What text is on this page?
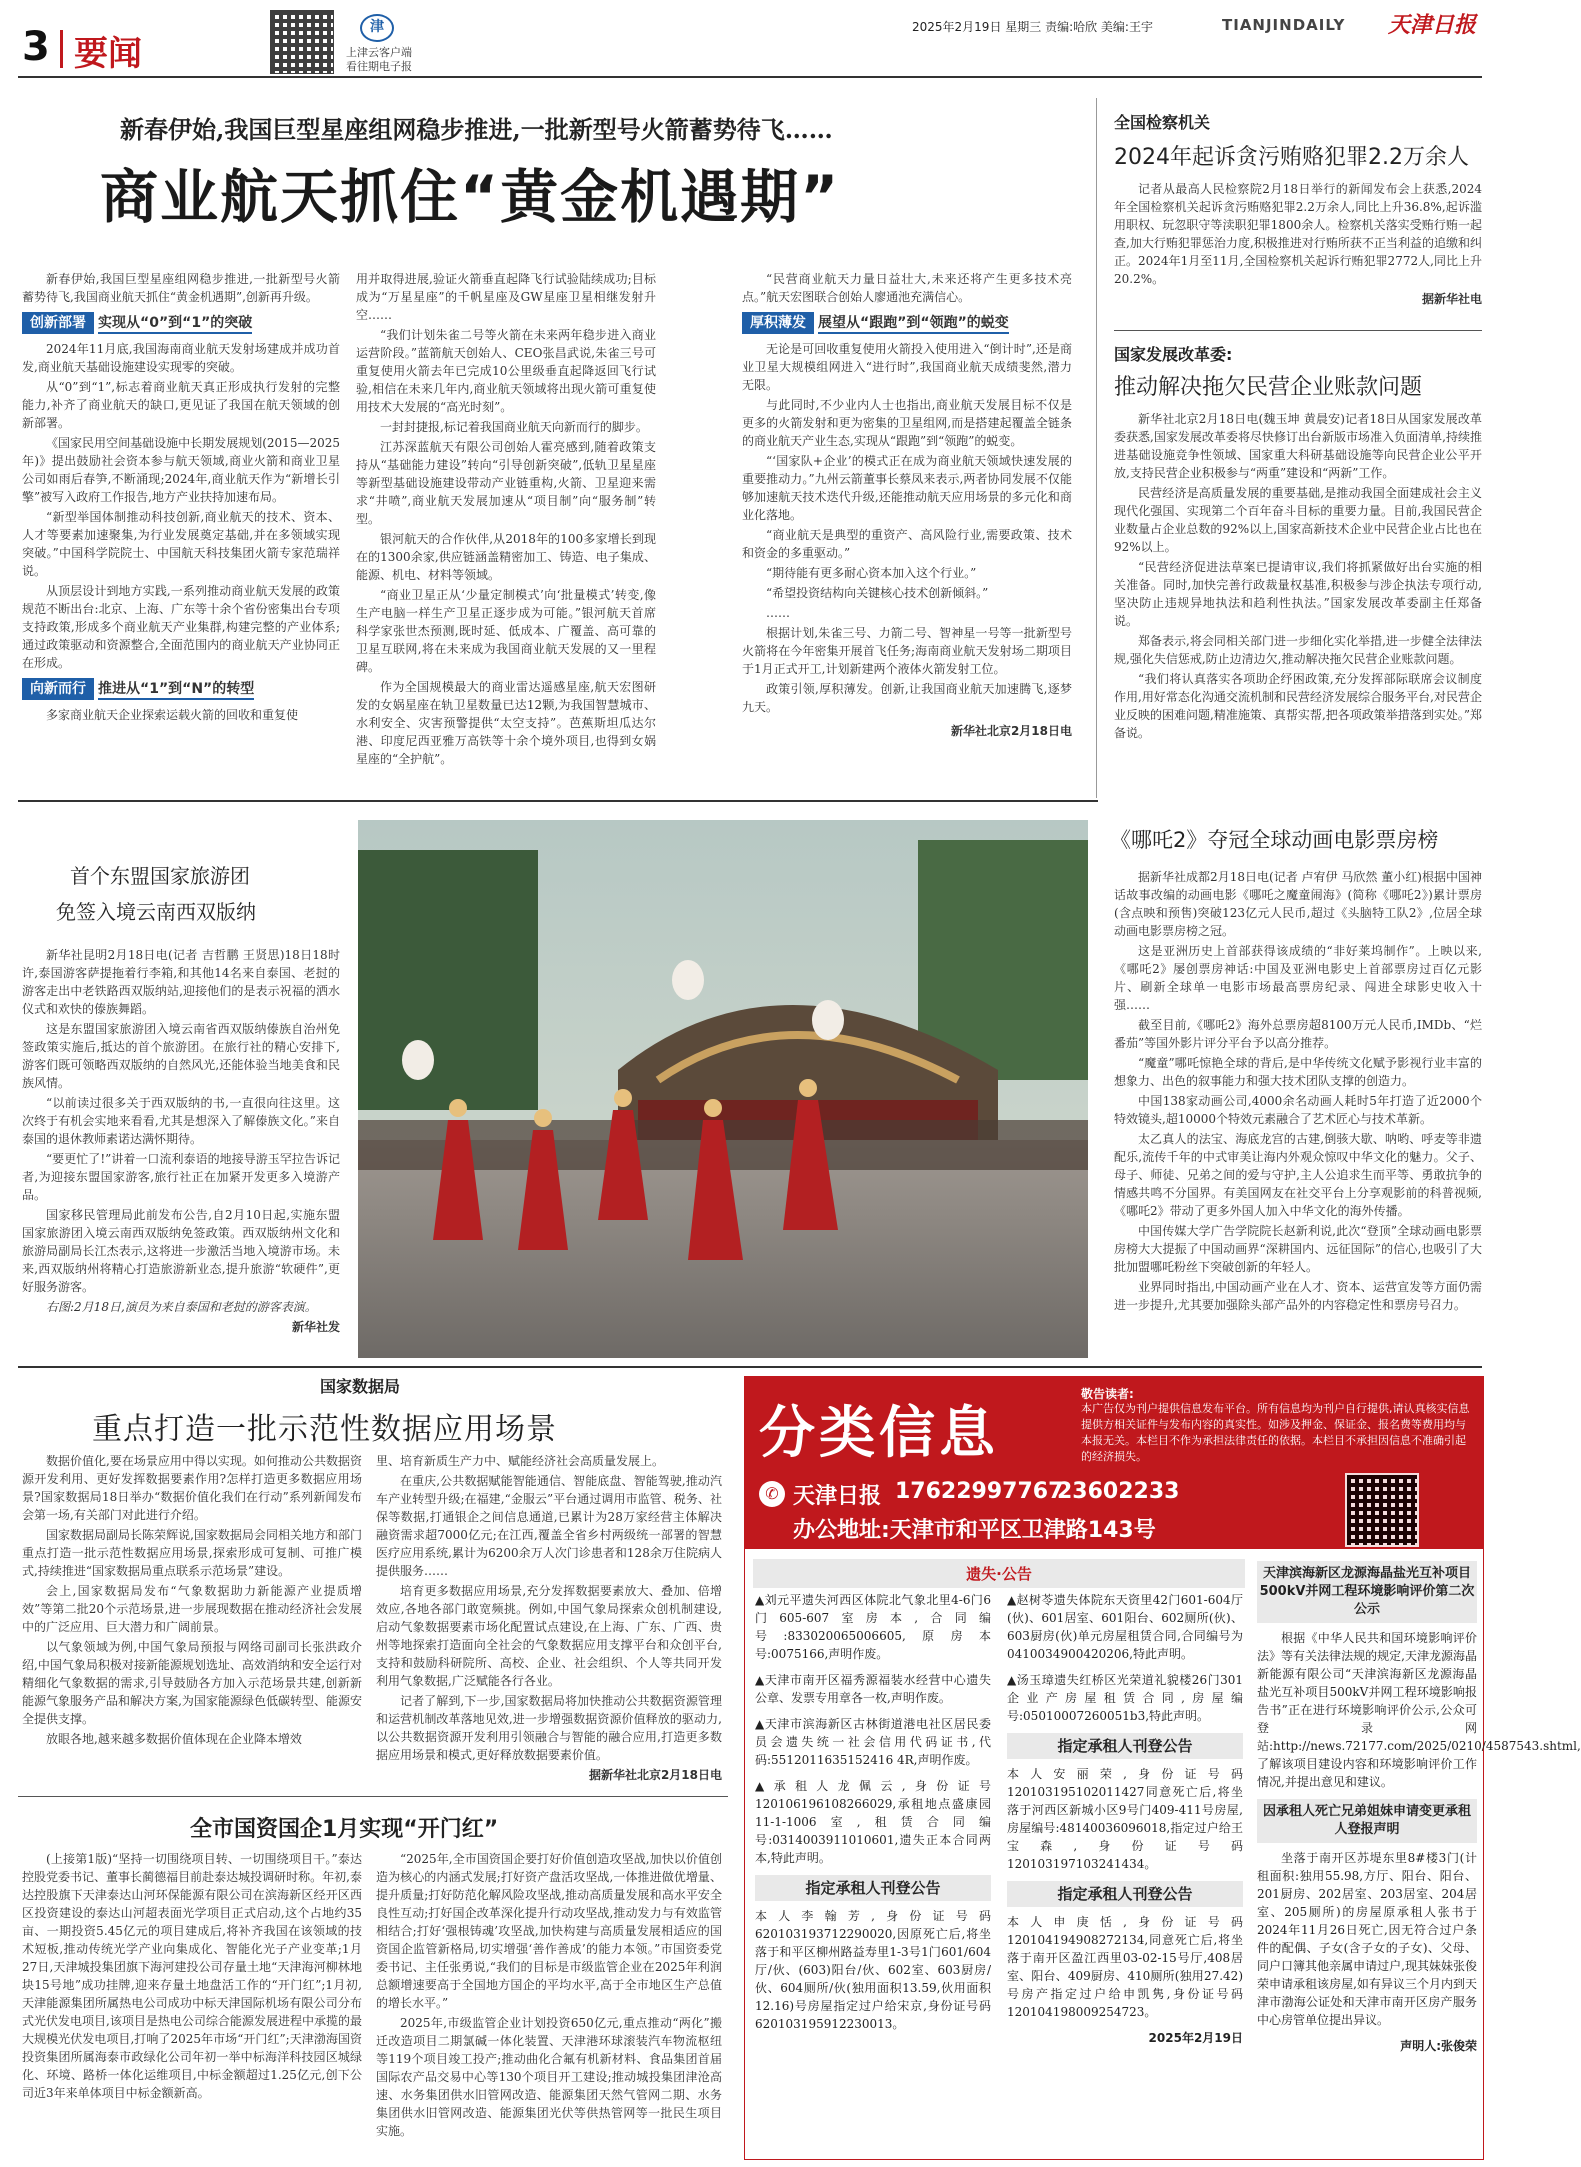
3 要闻
津
上津云客户端
看往期电子报
2025年2月19日 星期三 责编:哈欣 美编:王宇	TIANJINDAILY 天津日报
新春伊始,我国巨型星座组网稳步推进,一批新型号火箭蓄势待飞……
商业航天抓住“黄金机遇期”

新春伊始,我国巨型星座组网稳步推进,一批新型号火箭蓄势待飞,我国商业航天抓住“黄金机遇期”,创新再升级。

创新部署 实现从“0”到“1”的突破

2024年11月底,我国海南商业航天发射场建成并成功首发,商业航天基础设施建设实现零的突破。

从“0”到“1”,标志着商业航天真正形成执行发射的完整能力,补齐了商业航天的缺口,更见证了我国在航天领域的创新部署。

《国家民用空间基础设施中长期发展规划(2015—2025年)》提出鼓励社会资本参与航天领域,商业火箭和商业卫星公司如雨后春笋,不断涌现;2024年,商业航天作为“新增长引擎”被写入政府工作报告,地方产业扶持加速布局。

“新型举国体制推动科技创新,商业航天的技术、资本、人才等要素加速聚集,为行业发展奠定基础,并在多领域实现突破。”中国科学院院士、中国航天科技集团火箭专家范瑞祥说。

从顶层设计到地方实践,一系列推动商业航天发展的政策规范不断出台:北京、上海、广东等十余个省份密集出台专项支持政策,形成多个商业航天产业集群,构建完整的产业体系;通过政策驱动和资源整合,全面范围内的商业航天产业协同正在形成。

向新而行 推进从“1”到“N”的转型

多家商业航天企业探索运载火箭的回收和重复使

用并取得进展,验证火箭垂直起降飞行试验陆续成功;目标成为“万星星座”的千帆星座及GW星座卫星相继发射升空……

“我们计划朱雀二号等火箭在未来两年稳步进入商业运营阶段。”蓝箭航天创始人、CEO张昌武说,朱雀三号可重复使用火箭去年已完成10公里级垂直起降返回飞行试验,相信在未来几年内,商业航天领域将出现火箭可重复使用技术大发展的“高光时刻”。

一封封捷报,标记着我国商业航天向新而行的脚步。

江苏深蓝航天有限公司创始人霍亮感到,随着政策支持从“基础能力建设”转向“引导创新突破”,低轨卫星星座等新型基础设施建设带动产业链重构,火箭、卫星迎来需求“井喷”,商业航天发展加速从“项目制”向“服务制”转型。

银河航天的合作伙伴,从2018年的100多家增长到现在的1300余家,供应链涵盖精密加工、铸造、电子集成、能源、机电、材料等领域。

“商业卫星正从‘少量定制模式’向‘批量模式’转变,像生产电脑一样生产卫星正逐步成为可能。”银河航天首席科学家张世杰预测,既时延、低成本、广覆盖、高可靠的卫星互联网,将在未来成为我国商业航天发展的又一里程碑。

作为全国规模最大的商业雷达遥感星座,航天宏图研发的女娲星座在轨卫星数量已达12颗,为我国智慧城市、水利安全、灾害预警提供“太空支持”。芭蕉斯坦瓜达尔港、印度尼西亚雅万高铁等十余个境外项目,也得到女娲星座的“全护航”。

“民营商业航天力量日益壮大,未来还将产生更多技术亮点。”航天宏图联合创始人廖通池充满信心。

厚积薄发 展望从“跟跑”到“领跑”的蜕变

无论是可回收重复使用火箭投入使用进入“倒计时”,还是商业卫星大规模组网进入“进行时”,我国商业航天成绩斐然,潜力无限。

与此同时,不少业内人士也指出,商业航天发展目标不仅是更多的火箭发射和更为密集的卫星组网,而是搭建起覆盖全链条的商业航天产业生态,实现从“跟跑”到“领跑”的蜕变。

“‘国家队+企业’的模式正在成为商业航天领域快速发展的重要推动力。”九州云箭董事长蔡凤来表示,两者协同发展不仅能够加速航天技术迭代升级,还能推动航天应用场景的多元化和商业化落地。

“商业航天是典型的重资产、高风险行业,需要政策、技术和资金的多重驱动。”

“期待能有更多耐心资本加入这个行业。”

“希望投资结构向关键核心技术创新倾斜。”

……

根据计划,朱雀三号、力箭二号、智神星一号等一批新型号火箭将在今年密集开展首飞任务;海南商业航天发射场二期项目于1月正式开工,计划新建两个液体火箭发射工位。

政策引领,厚积薄发。创新,让我国商业航天加速腾飞,逐梦九天。

新华社北京2月18日电
全国检察机关
2024年起诉贪污贿赂犯罪2.2万余人

记者从最高人民检察院2月18日举行的新闻发布会上获悉,2024年全国检察机关起诉贪污贿赂犯罪2.2万余人,同比上升36.8%,起诉滥用职权、玩忽职守等渎职犯罪1800余人。检察机关落实受贿行贿一起查,加大行贿犯罪惩治力度,积极推进对行贿所获不正当利益的追缴和纠正。2024年1月至11月,全国检察机关起诉行贿犯罪2772人,同比上升20.2%。

据新华社电
国家发展改革委:
推动解决拖欠民营企业账款问题

新华社北京2月18日电(魏玉坤 黄晨安)记者18日从国家发展改革委获悉,国家发展改革委将尽快修订出台新版市场准入负面清单,持续推进基础设施竞争性领域、国家重大科研基础设施等向民营企业公平开放,支持民营企业积极参与“两重”建设和“两新”工作。

民营经济是高质量发展的重要基础,是推动我国全面建成社会主义现代化强国、实现第二个百年奋斗目标的重要力量。目前,我国民营企业数量占企业总数的92%以上,国家高新技术企业中民营企业占比也在92%以上。

“民营经济促进法草案已提请审议,我们将抓紧做好出台实施的相关准备。同时,加快完善行政裁量权基准,积极参与涉企执法专项行动,坚决防止违规异地执法和趋利性执法。”国家发展改革委副主任郑备说。

郑备表示,将会同相关部门进一步细化实化举措,进一步健全法律法规,强化失信惩戒,防止边清边欠,推动解决拖欠民营企业账款问题。

“我们将认真落实各项助企纾困政策,充分发挥部际联席会议制度作用,用好常态化沟通交流机制和民营经济发展综合服务平台,对民营企业反映的困难问题,精准施策、真帮实帮,把各项政策举措落到实处。”郑备说。

首个东盟国家旅游团
免签入境云南西双版纳

新华社昆明2月18日电(记者 吉哲鹏 王贤思)18日18时许,泰国游客萨提拖着行李箱,和其他14名来自泰国、老挝的游客走出中老铁路西双版纳站,迎接他们的是表示祝福的洒水仪式和欢快的傣族舞蹈。

这是东盟国家旅游团入境云南省西双版纳傣族自治州免签政策实施后,抵达的首个旅游团。在旅行社的精心安排下,游客们既可领略西双版纳的自然风光,还能体验当地美食和民族风情。

“以前读过很多关于西双版纳的书,一直很向往这里。这次终于有机会实地来看看,尤其是想深入了解傣族文化。”来自泰国的退休教师素诺达满怀期待。

“要更忙了!”讲着一口流利泰语的地接导游玉罕拉告诉记者,为迎接东盟国家游客,旅行社正在加紧开发更多入境游产品。

国家移民管理局此前发布公告,自2月10日起,实施东盟国家旅游团入境云南西双版纳免签政策。西双版纳州文化和旅游局副局长江杰表示,这将进一步激活当地入境游市场。未来,西双版纳州将精心打造旅游新业态,提升旅游“软硬件”,更好服务游客。

右图:2月18日,演员为来自泰国和老挝的游客表演。

新华社发
《哪吒2》夺冠全球动画电影票房榜

据新华社成都2月18日电(记者 卢宥伊 马欣然 董小红)根据中国神话故事改编的动画电影《哪吒之魔童闹海》(简称《哪吒2》)累计票房(含点映和预售)突破123亿元人民币,超过《头脑特工队2》,位居全球动画电影票房榜之冠。

这是亚洲历史上首部获得该成绩的“非好莱坞制作”。上映以来,《哪吒2》屡创票房神话:中国及亚洲电影史上首部票房过百亿元影片、刷新全球单一电影市场最高票房纪录、闯进全球影史收入十强……

截至目前,《哪吒2》海外总票房超8100万元人民币,IMDb、“烂番茄”等国外影片评分平台予以高分推荐。

“魔童”哪吒惊艳全球的背后,是中华传统文化赋予影视行业丰富的想象力、出色的叙事能力和强大技术团队支撑的创造力。

中国138家动画公司,4000余名动画人耗时5年打造了近2000个特效镜头,超10000个特效元素融合了艺术匠心与技术革新。

太乙真人的法宝、海底龙宫的古建,倒骇大歇、呐哟、呼麦等非遗配乐,流传千年的中式审美让海内外观众惊叹中华文化的魅力。父子、母子、师徒、兄弟之间的爱与守护,主人公追求生而平等、勇敢抗争的情感共鸣不分国界。有美国网友在社交平台上分享观影前的科普视频,《哪吒2》带动了更多外国人加入中华文化的海外传播。

中国传媒大学广告学院院长赵新利说,此次“登顶”全球动画电影票房榜大大提振了中国动画界“深耕国内、远征国际”的信心,也吸引了大批加盟哪吒粉丝下突破创新的年轻人。

业界同时指出,中国动画产业在人才、资本、运营宣发等方面仍需进一步提升,尤其要加强除头部产品外的内容稳定性和票房号召力。

国家数据局
重点打造一批示范性数据应用场景

数据价值化,要在场景应用中得以实现。如何推动公共数据资源开发利用、更好发挥数据要素作用?怎样打造更多数据应用场景?国家数据局18日举办“数据价值化我们在行动”系列新闻发布会第一场,有关部门对此进行介绍。

国家数据局副局长陈荣辉说,国家数据局会同相关地方和部门重点打造一批示范性数据应用场景,探索形成可复制、可推广模式,持续推进“国家数据局重点联系示范场景”建设。

会上,国家数据局发布“气象数据助力新能源产业提质增效”等第二批20个示范场景,进一步展现数据在推动经济社会发展中的广泛应用、巨大潜力和广阔前景。

以气象领域为例,中国气象局预报与网络司副司长张洪政介绍,中国气象局积极对接新能源规划选址、高效消纳和安全运行对精细化气象数据的需求,引导鼓励各方加入示范场景共建,创新新能源气象服务产品和解决方案,为国家能源绿色低碳转型、能源安全提供支撑。

放眼各地,越来越多数据价值体现在企业降本增效

里、培育新质生产力中、赋能经济社会高质量发展上。

在重庆,公共数据赋能智能通信、智能底盘、智能驾驶,推动汽车产业转型升级;在福建,“金服云”平台通过调用市监管、税务、社保等数据,打通银企之间信息通道,已累计为28万家经营主体解决融资需求超7000亿元;在江西,覆盖全省乡村两级统一部署的智慧医疗应用系统,累计为6200余万人次门诊患者和128余万住院病人提供服务……

培育更多数据应用场景,充分发挥数据要素放大、叠加、倍增效应,各地各部门敢宽频挑。例如,中国气象局探索众创机制建设,启动气象数据要素市场化配置试点建设,在上海、广东、广西、贵州等地探索打造面向全社会的气象数据应用支撑平台和众创平台,支持和鼓励科研院所、高校、企业、社会组织、个人等共同开发利用气象数据,广泛赋能各行各业。

记者了解到,下一步,国家数据局将加快推动公共数据资源管理和运营机制改革落地见效,进一步增强数据资源价值释放的驱动力,以公共数据资源开发利用引领融合与智能的融合应用,打造更多数据应用场景和模式,更好释放数据要素价值。

据新华社北京2月18日电
全市国资国企1月实现“开门红”

(上接第1版)“坚持一切围绕项目转、一切围绕项目干。”泰达控股党委书记、董事长蔺德福目前赴泰达城投调研时称。年初,泰达控股旗下天津泰达山河环保能源有限公司在滨海新区经开区西区投资建设的泰达山河超表面光学项目正式启动,这个占地约35亩、一期投资5.45亿元的项目建成后,将补齐我国在该领域的技术短板,推动传统光学产业向集成化、智能化光子产业变革;1月27日,天津城投集团旗下海河建投公司存量土地“天津海河柳林地块15号地”成功挂牌,迎来存量土地盘活工作的“开门红”;1月初,天津能源集团所属热电公司成功中标天津国际机场有限公司分布式光伏发电项目,该项目是热电公司综合能源发展进程中承揽的最大规模光伏发电项目,打响了2025年市场“开门红”;天津渤海国资投资集团所属海泰市政绿化公司年初一举中标海洋科技园区城绿化、环境、路桥一体化运维项目,中标金额超过1.25亿元,创下公司近3年来单体项目中标金额新高。

“2025年,全市国资国企要打好价值创造攻坚战,加快以价值创造为核心的内涵式发展;打好资产盘活攻坚战,一体推进做优增量、提升质量;打好防范化解风险攻坚战,推动高质量发展和高水平安全良性互动;打好国企改革深化提升行动攻坚战,推动发力与有效监管相结合;打好‘强根铸魂’攻坚战,加快构建与高质量发展相适应的国资国企监管新格局,切实增强‘善作善成’的能力本领。”市国资委党委书记、主任张勇说,“我们的目标是市级监管企业在2025年利润总额增速要高于全国地方国企的平均水平,高于全市地区生产总值的增长水平。”

2025年,市级监管企业计划投资650亿元,重点推动“两化”搬迁改造项目二期氯碱一体化装置、天津港环球滚装汽车物流枢纽等119个项目竣工投产;推动曲化合氟有机新材料、食品集团首届国际农产品交易中心等130个项目开工建设;推动城投集团津沧高速、水务集团供水旧管网改造、能源集团天然气管网二期、水务集团供水旧管网改造、能源集团光伏等供热管网等一批民生项目实施。

分类信息
敬告读者:
本广告仅为刊户提供信息发布平台。所有信息均为刊户自行提供,请认真核实信息提供方相关证件与发布内容的真实性。如涉及押金、保证金、报名费等费用均与本报无关。本栏目不作为承担法律责任的依据。本栏目不承担因信息不准确引起的经济损失。
✆ 天津日报 17622997767
23602233
办公地址:天津市和平区卫津路143号
遗失·公告

▲刘元平遗失河西区体院北气象北里4-6门6门605-607室房本,合同编号:833020065006605,原房本号:0075166,声明作废。

▲天津市南开区福秀源福装水经营中心遗失公章、发票专用章各一枚,声明作废。

▲天津市滨海新区古林街道港电社区居民委员会遗失统一社会信用代码证书,代码:5512011635152416 4R,声明作废。

▲承租人龙佩云,身份证号120106196108266029,承租地点盛康园11-1-1006室,租赁合同编号:0314003911010601,遗失正本合同两本,特此声明。

指定承租人刊登公告

本人李翰芳,身份证号码620103193712290020,因原死亡后,将坐落于和平区柳州路益寿里1-3号1门601/604厅/伙、(603)阳台/伙、602室、603厨房/伙、604厕所/伙(独用面积13.59,伙用面积12.16)号房屋指定过户给宋京,身份证号码620103195912230013。

▲赵树苓遗失体院东天资里42门601-604厅(伙)、601居室、601阳台、602厕所(伙)、603厨房(伙)单元房屋租赁合同,合同编号为0410034900420206,特此声明。

▲汤玉璋遗失红桥区光荣道礼貌楼26门301企业产房屋租赁合同,房屋编号:05010007260051b3,特此声明。

指定承租人刊登公告

本人安丽荣,身份证号码120103195102011427同意死亡后,将坐落于河西区新城小区9号门409-411号房屋,房屋编号:48140036096018,指定过户给王宝森,身份证号码120103197103241434。

指定承租人刊登公告

本人申庚恬,身份证号码120104194908272134,同意死亡后,将坐落于南开区盈江西里03-02-15号厅,408居室、阳台、409厨房、410厕所(独用27.42)号房产指定过户给申凯隽,身份证号码120104198009254723。

2025年2月19日
天津滨海新区龙源海晶盐光互补项目500kV并网工程环境影响评价第二次公示

根据《中华人民共和国环境影响评价法》等有关法律法规的规定,天津龙源海晶新能源有限公司“天津滨海新区龙源海晶盐光互补项目500kV并网工程环境影响报告书”正在进行环境影响评价公示,公众可登录网站:http://news.72177.com/2025/0210/4587543.shtml,了解该项目建设内容和环境影响评价工作情况,并提出意见和建议。

因承租人死亡兄弟姐妹申请变更承租人登报声明

坐落于南开区苏堤东里8#楼3门(计租面积:独用55.98,方厅、阳台、阳台、201厨房、202居室、203居室、204居室、205厕所)的房屋原承租人张书于2024年11月26日死亡,因无符合过户条件的配偶、子女(含子女的子女)、父母、同户口簿其他亲属申请过户,现其妹妹张俊荣申请承租该房屋,如有异议三个月内到天津市渤海公证处和天津市南开区房产服务中心房管单位提出异议。

声明人:张俊荣
